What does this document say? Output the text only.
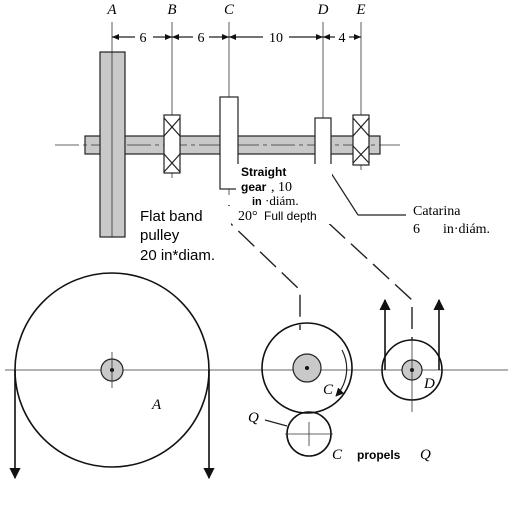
A	B	C	D E
6	6	10	4
A
C
Q
D
Straight
gear , 10
in ·diám.
20° Full depth	Catarina
6 in·diám.
Flat band
pulley
20 in*diam.
C propels Q
